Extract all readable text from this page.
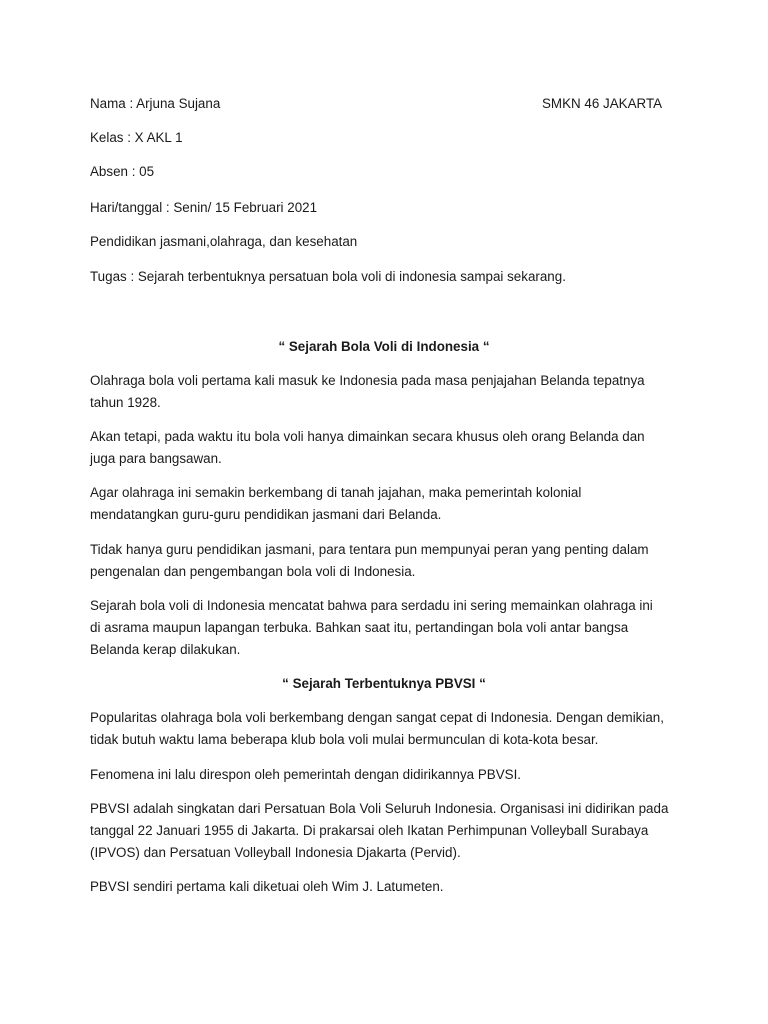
Nama : Arjuna Sujana	SMKN 46 JAKARTA
Kelas : X AKL 1
Absen : 05
Hari/tanggal : Senin/ 15 Februari 2021
Pendidikan jasmani,olahraga, dan kesehatan
Tugas : Sejarah terbentuknya persatuan bola voli di indonesia sampai sekarang.
“ Sejarah Bola Voli di Indonesia “
Olahraga bola voli pertama kali masuk ke Indonesia pada masa penjajahan Belanda tepatnya
tahun 1928.
Akan tetapi, pada waktu itu bola voli hanya dimainkan secara khusus oleh orang Belanda dan
juga para bangsawan.
Agar olahraga ini semakin berkembang di tanah jajahan, maka pemerintah kolonial
mendatangkan guru-guru pendidikan jasmani dari Belanda.
Tidak hanya guru pendidikan jasmani, para tentara pun mempunyai peran yang penting dalam
pengenalan dan pengembangan bola voli di Indonesia.
Sejarah bola voli di Indonesia mencatat bahwa para serdadu ini sering memainkan olahraga ini
di asrama maupun lapangan terbuka. Bahkan saat itu, pertandingan bola voli antar bangsa
Belanda kerap dilakukan.
“ Sejarah Terbentuknya PBVSI “
Popularitas olahraga bola voli berkembang dengan sangat cepat di Indonesia. Dengan demikian,
tidak butuh waktu lama beberapa klub bola voli mulai bermunculan di kota-kota besar.
Fenomena ini lalu direspon oleh pemerintah dengan didirikannya PBVSI.
PBVSI adalah singkatan dari Persatuan Bola Voli Seluruh Indonesia. Organisasi ini didirikan pada
tanggal 22 Januari 1955 di Jakarta. Di prakarsai oleh Ikatan Perhimpunan Volleyball Surabaya
(IPVOS) dan Persatuan Volleyball Indonesia Djakarta (Pervid).
PBVSI sendiri pertama kali diketuai oleh Wim J. Latumeten.
